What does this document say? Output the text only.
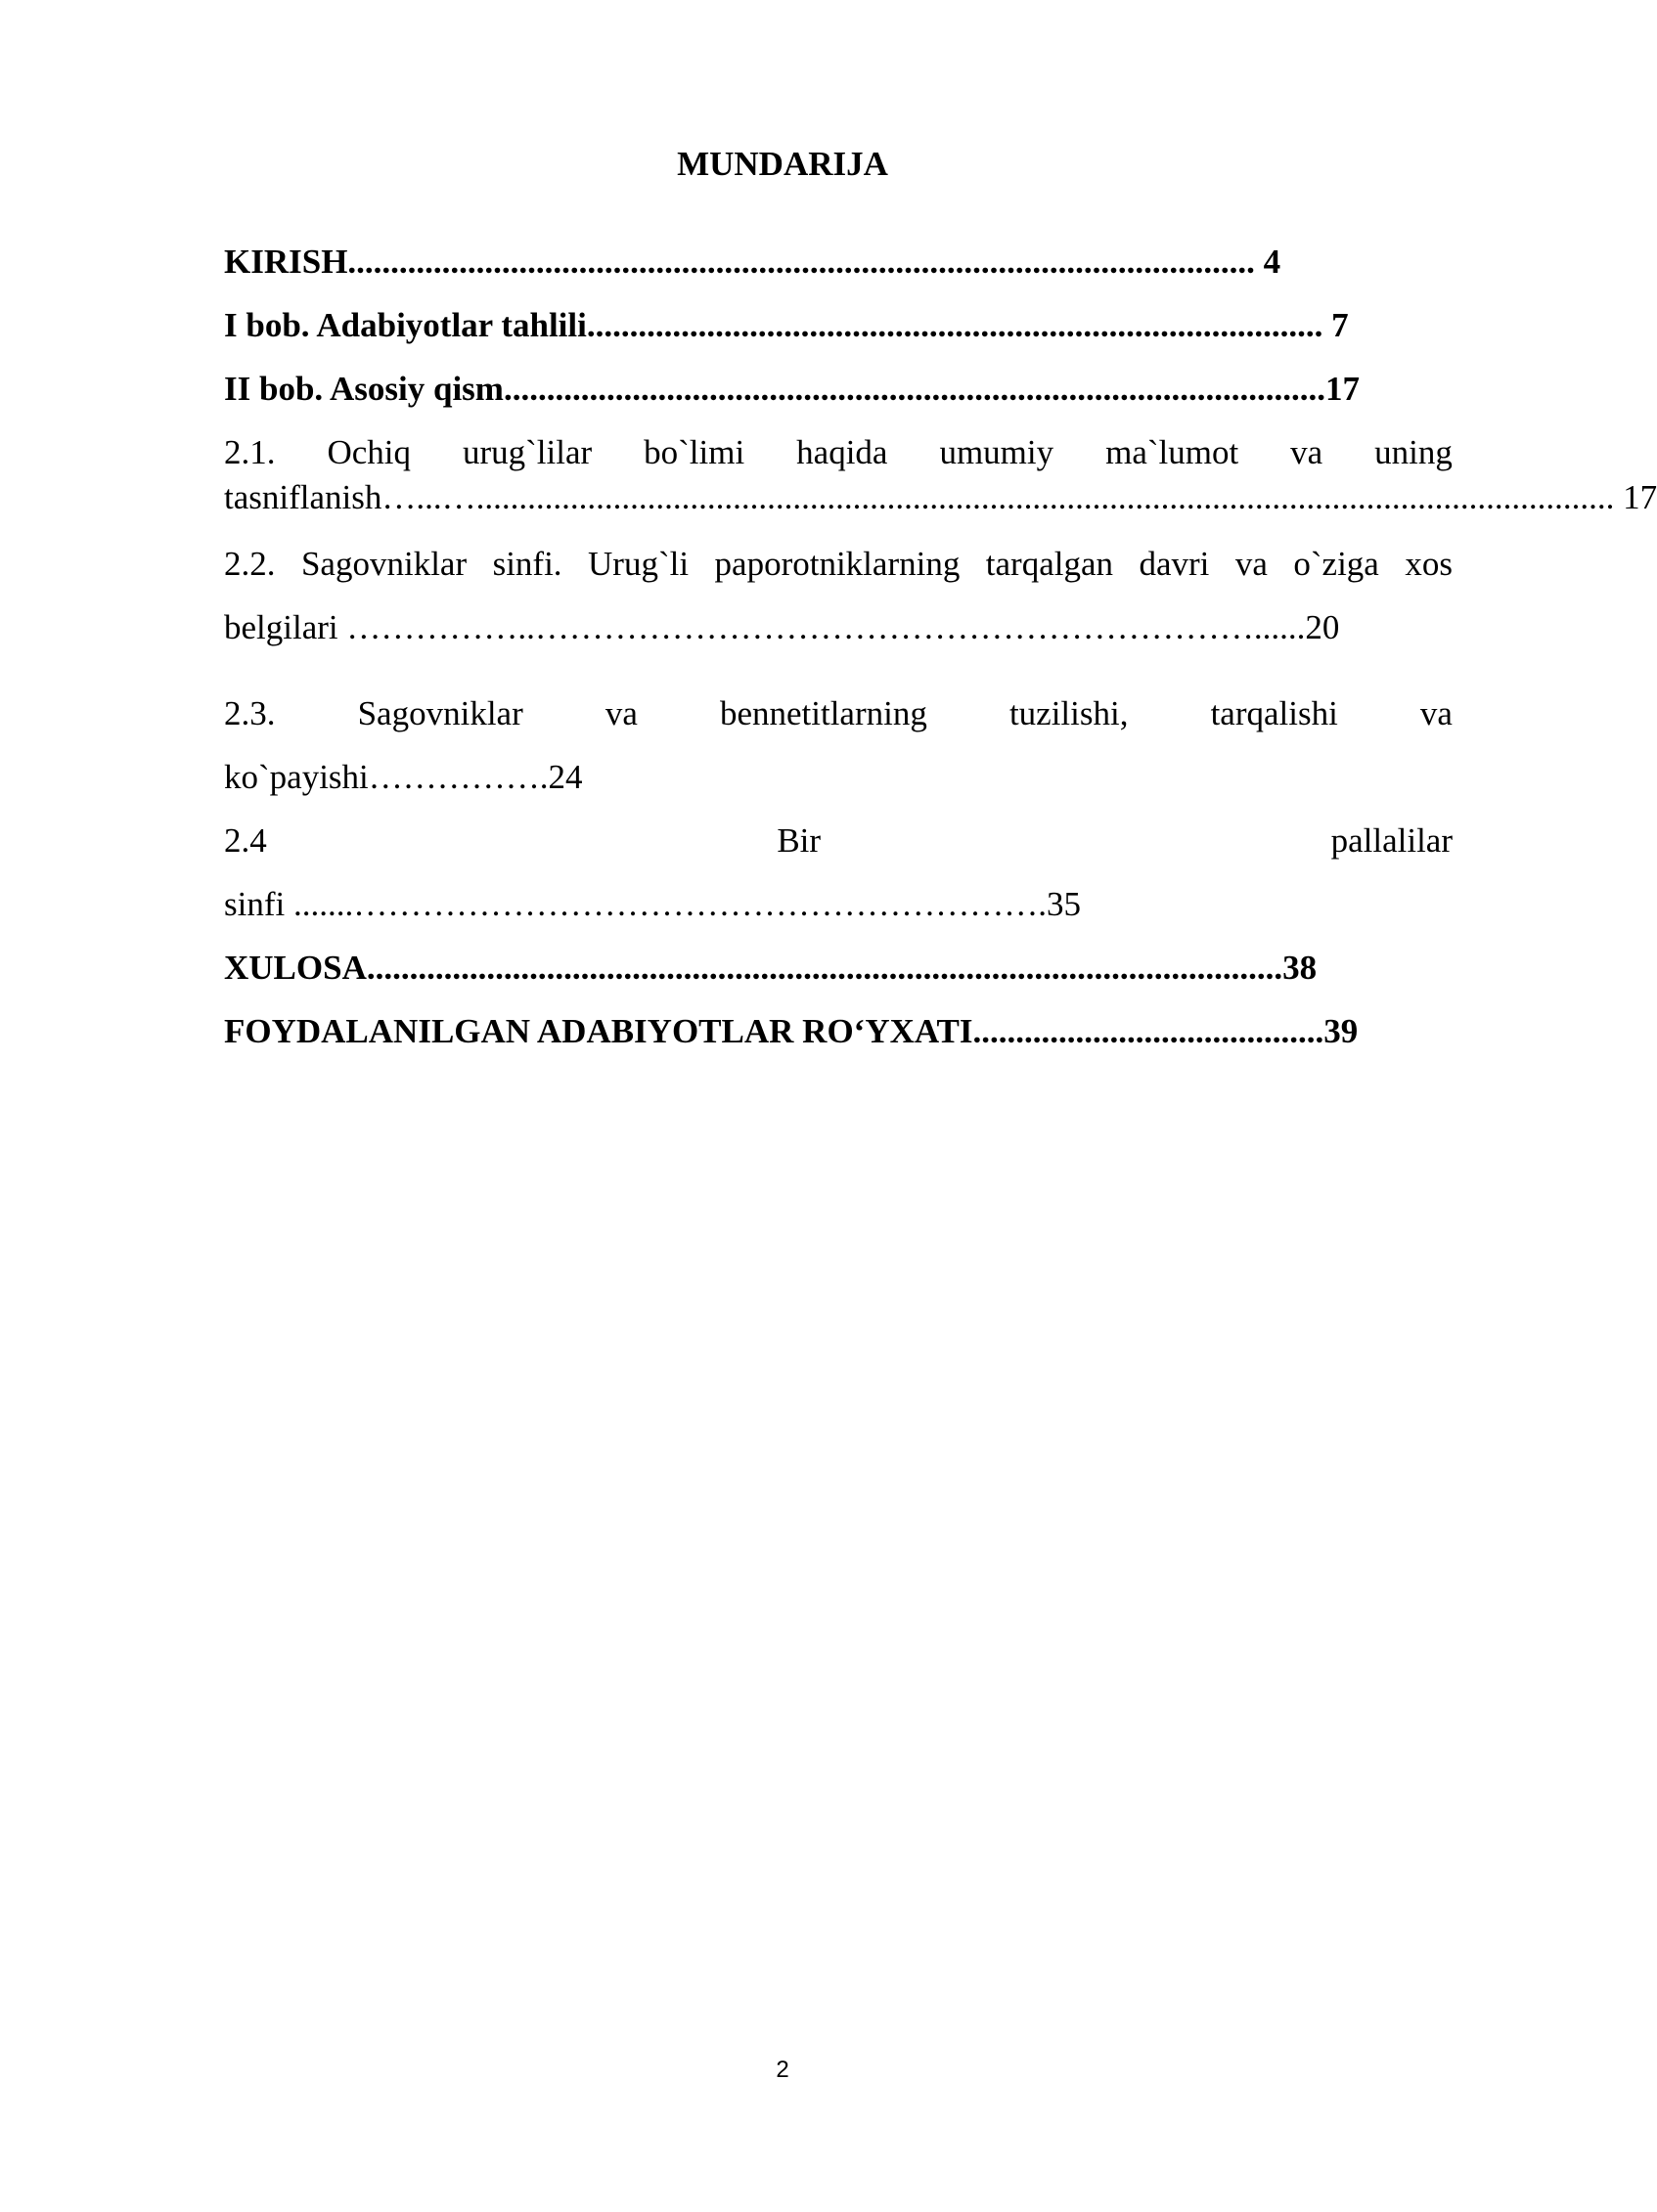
MUNDARIJA
KIRISH.......................................................................................................... 4
I bob. Adabiyotlar tahlili...................................................................................... 7
II bob. Asosiy qism................................................................................................17
2.1. Ochiq urug`lilar bo`limi haqida umumiy ma`lumot va uning
tasniflanish…...…..................................................................................................................................... 17
2.2. Sagovniklar sinfi. Urug`li paporotniklarning tarqalgan davri va o`ziga xos
belgilari ……………..………………………………………………………......20
2.3. Sagovniklar va bennetitlarning tuzilishi, tarqalishi va
ko`payishi…………….24
2.4	Bir	pallalilar
sinfi .......…………………………………………………….35
XULOSA...........................................................................................................38
FOYDALANILGAN ADABIYOTLAR RO‘YXATI.........................................39
2
